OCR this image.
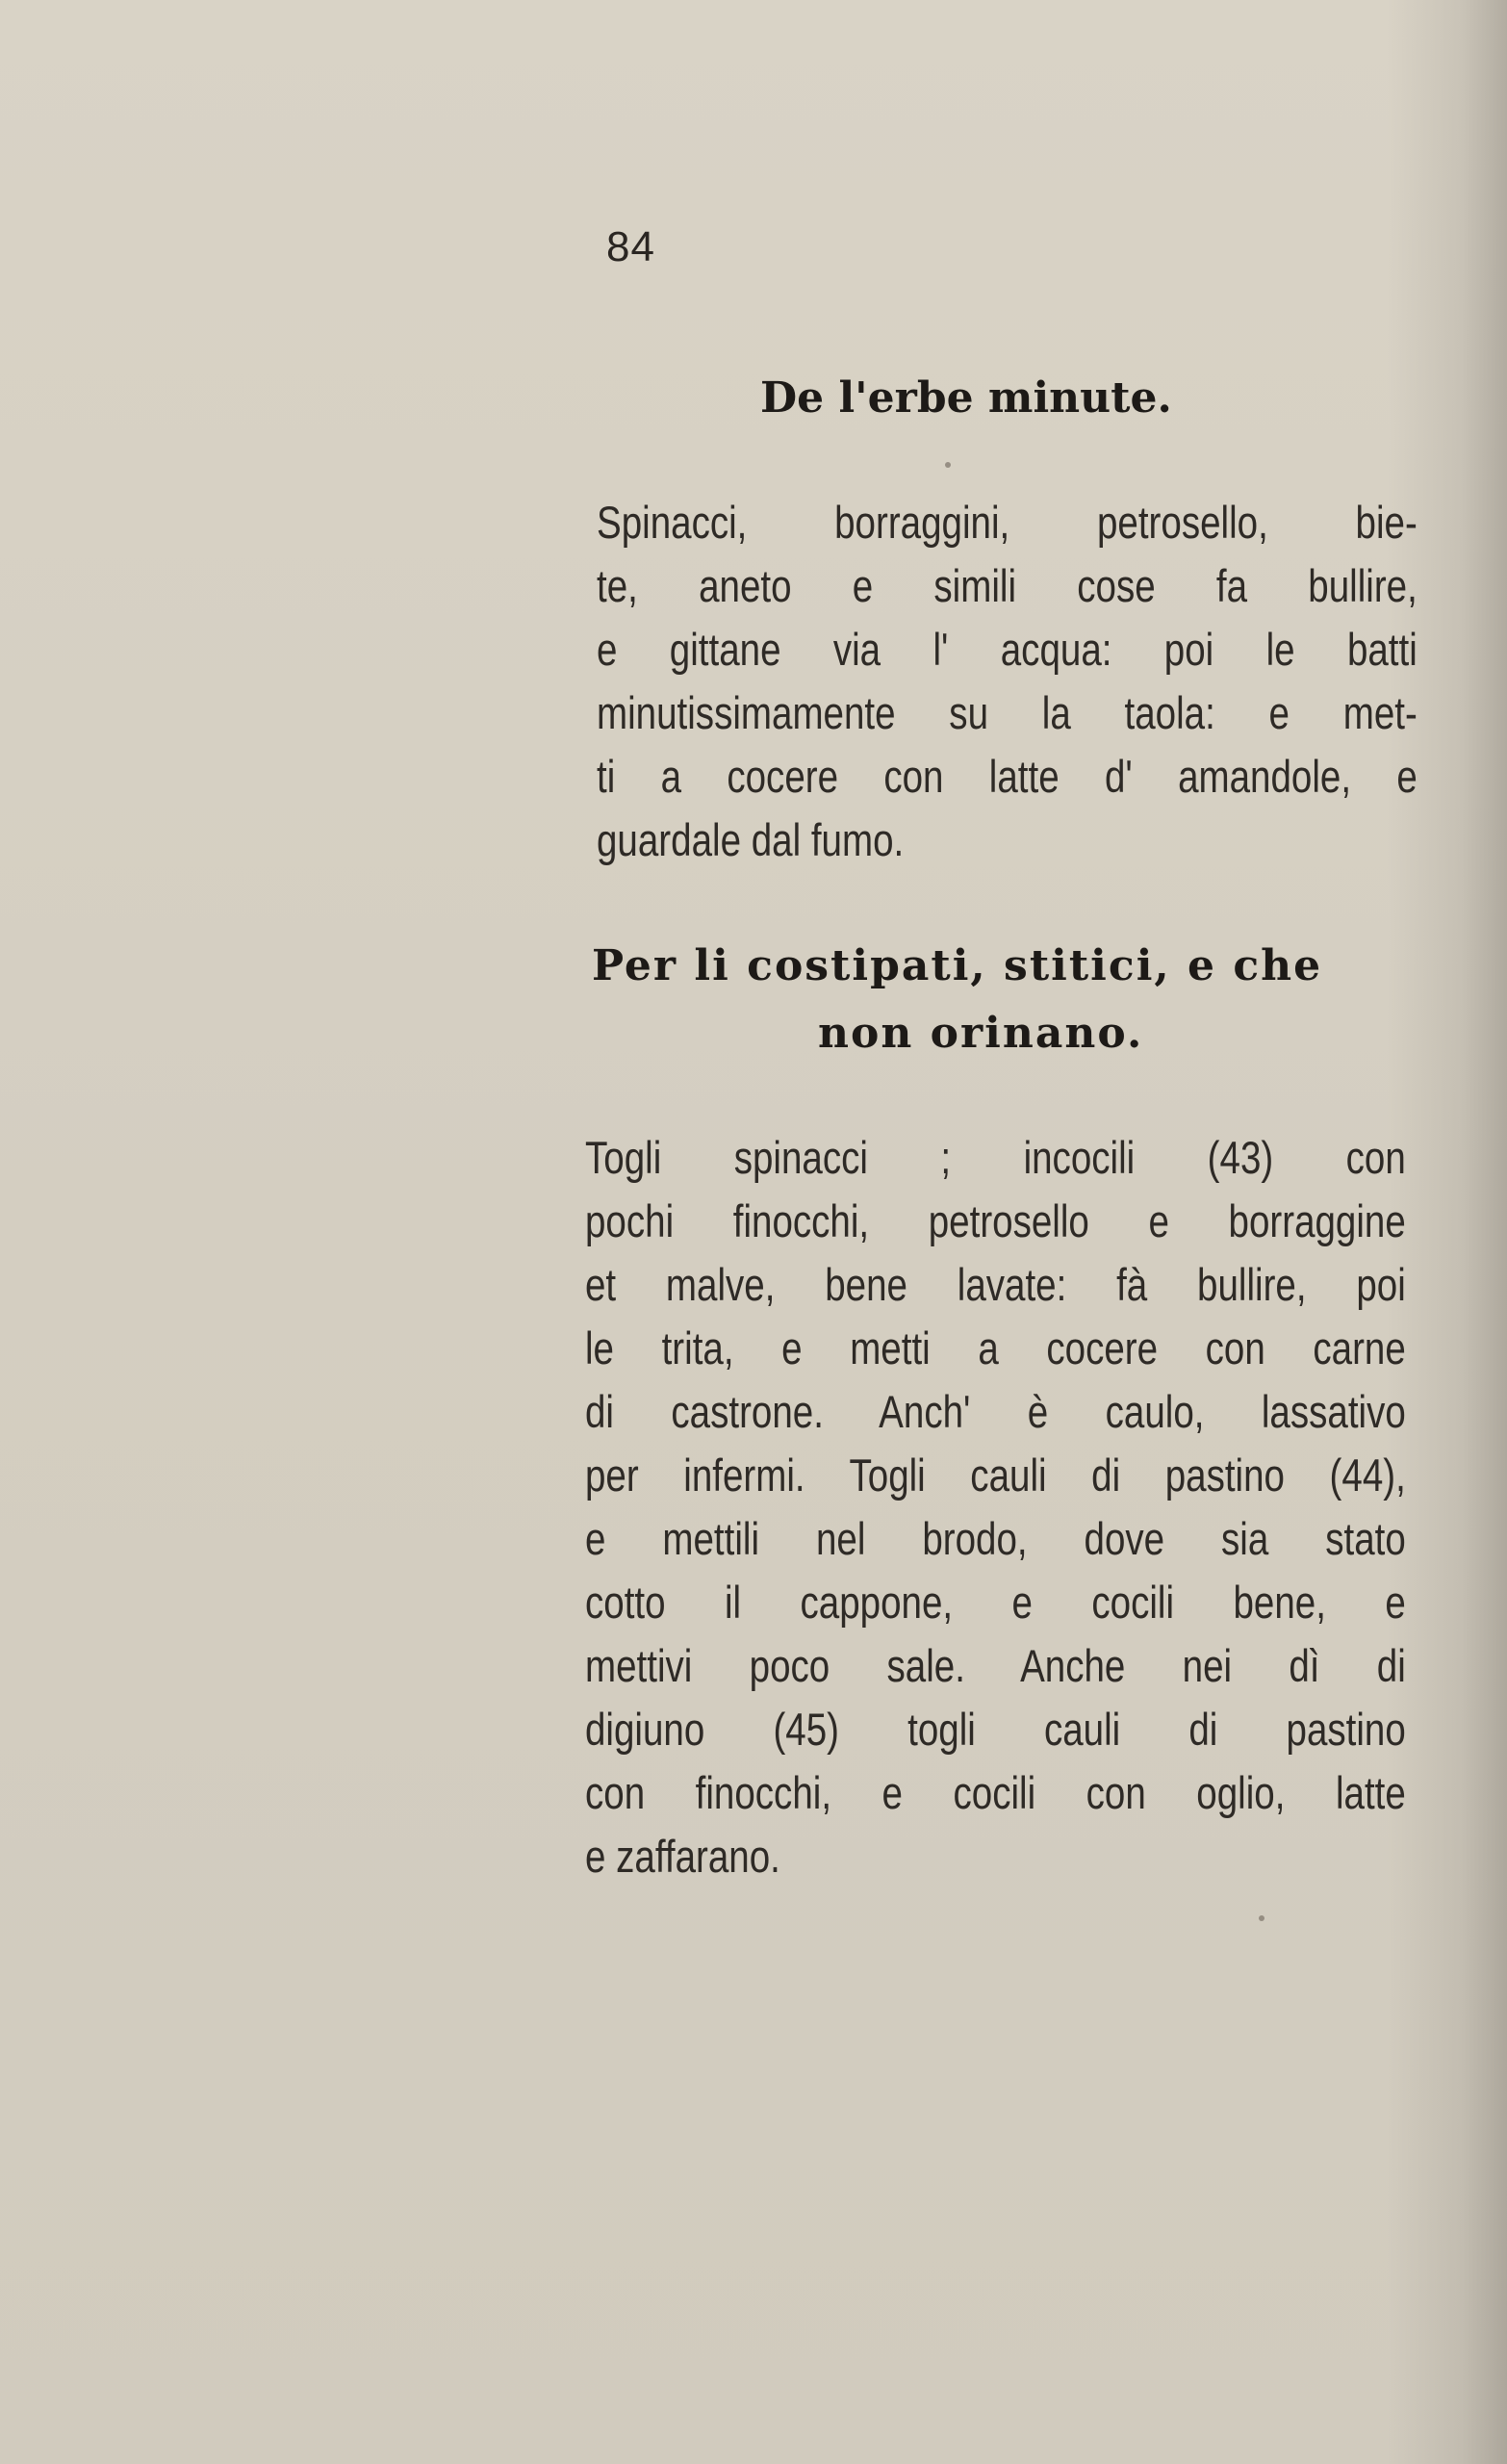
84
De l'erbe minute.
Spinacci, borraggini, petrosello, bie-
te, aneto e simili cose fa bullire,
e gittane via l' acqua: poi le batti
minutissimamente su la taola: e met-
ti a cocere con latte d' amandole, e
guardale dal fumo.
Per li costipati, stitici, e che
non orinano.
Togli spinacci ; incocili (43) con
pochi finocchi, petrosello e borraggine
et malve, bene lavate: fà bullire, poi
le trita, e metti a cocere con carne
di castrone. Anch' è caulo, lassativo
per infermi. Togli cauli di pastino (44),
e mettili nel brodo, dove sia stato
cotto il cappone, e cocili bene, e
mettivi poco sale. Anche nei dì di
digiuno (45) togli cauli di pastino
con finocchi, e cocili con oglio, latte
e zaffarano.
